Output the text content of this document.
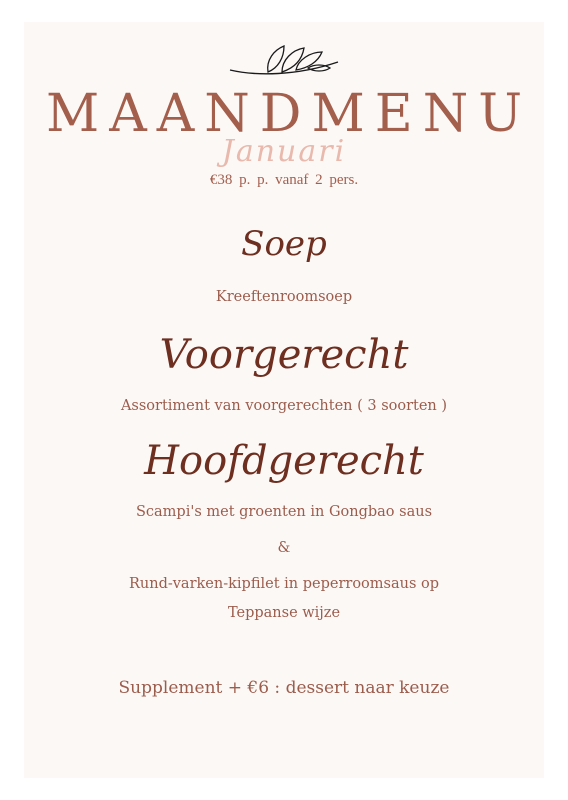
MAANDMENU
Januari
€38 p. p. vanaf 2 pers.
Soep
Kreeftenroomsoep
Voorgerecht
Assortiment van voorgerechten ( 3 soorten )
Hoofdgerecht
Scampi's met groenten in Gongbao saus
&
Rund-varken-kipfilet in peperroomsaus op
Teppanse wijze
Supplement + €6 : dessert naar keuze
